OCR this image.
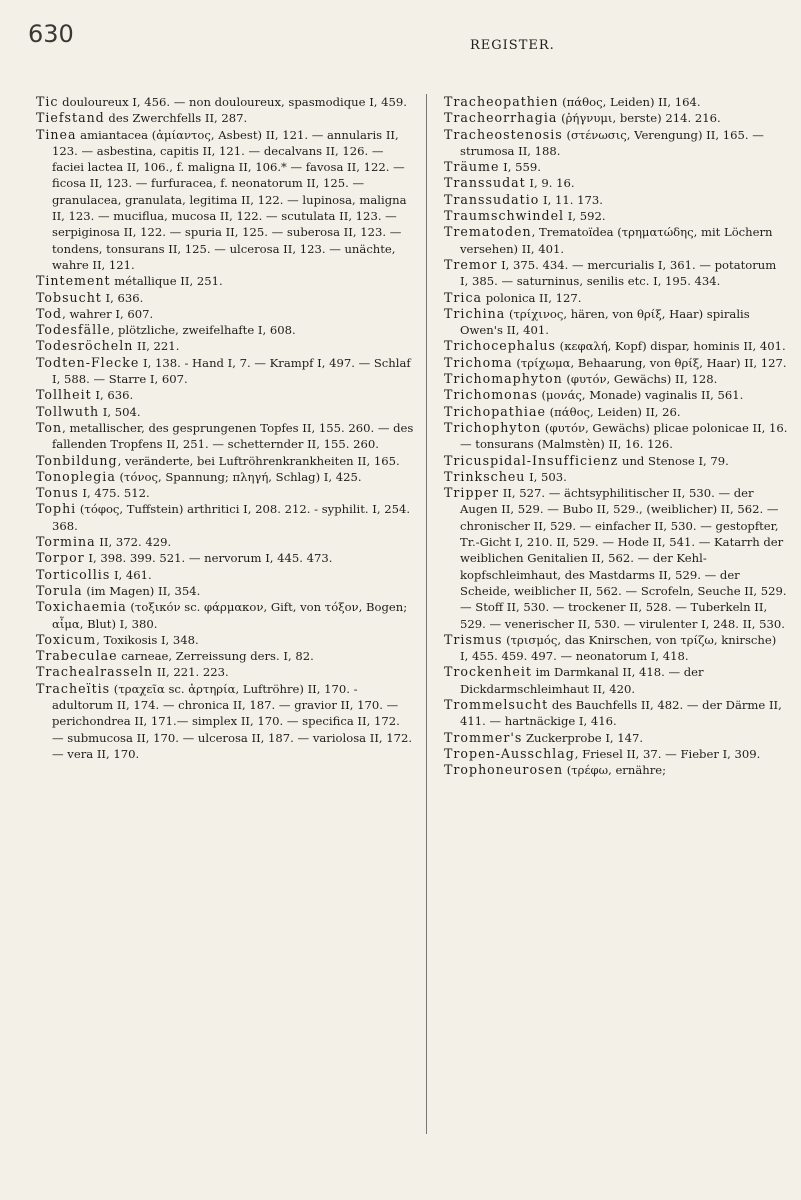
630	REGISTER.
Tic douloureux I, 456. — non douloureux, spasmodique I, 459.
Tiefstand des Zwerchfells II, 287.
Tinea amiantacea (ἀμίαντος, Asbest) II, 121. — annularis II, 123. — asbestina, capitis II, 121. — decalvans II, 126. — faciei lactea II, 106., f. maligna II, 106.* — favosa II, 122. — ficosa II, 123. — furfuracea, f. neonatorum II, 125. — granulacea, granulata, legitima II, 122. — lupinosa, maligna II, 123. — muciflua, mucosa II, 122. — scutulata II, 123. — serpiginosa II, 122. — spuria II, 125. — suberosa II, 123. — tondens, tonsurans II, 125. — ulcerosa II, 123. — unächte, wahre II, 121.
Tintement métallique II, 251.
Tobsucht I, 636.
Tod, wahrer I, 607.
Todesfälle, plötzliche, zweifelhafte I, 608.
Todesröcheln II, 221.
Todten-Flecke I, 138. - Hand I, 7. — Krampf I, 497. — Schlaf I, 588. — Starre I, 607.
Tollheit I, 636.
Tollwuth I, 504.
Ton, metallischer, des gesprungenen Topfes II, 155. 260. — des fallenden Tropfens II, 251. — schetternder II, 155. 260.
Tonbildung, veränderte, bei Luftröhrenkrankheiten II, 165.
Tonoplegia (τόνος, Spannung; πληγή, Schlag) I, 425.
Tonus I, 475. 512.
Tophi (τόφος, Tuffstein) arthritici I, 208. 212. - syphilit. I, 254. 368.
Tormina II, 372. 429.
Torpor I, 398. 399. 521. — nervorum I, 445. 473.
Torticollis I, 461.
Torula (im Magen) II, 354.
Toxichaemia (τοξικόν sc. φάρμακον, Gift, von τόξον, Bogen; αἷμα, Blut) I, 380.
Toxicum, Toxikosis I, 348.
Trabeculae carneae, Zerreissung ders. I, 82.
Trachealrasseln II, 221. 223.
Tracheïtis (τραχεῖα sc. ἀρτηρία, Luftröhre) II, 170. - adultorum II, 174. — chronica II, 187. — gravior II, 170. — perichondrea II, 171.— simplex II, 170. — specifica II, 172. — submucosa II, 170. — ulcerosa II, 187. — variolosa II, 172. — vera II, 170.
Tracheopathien (πάθος, Leiden) II, 164.
Tracheorrhagia (ῥήγνυμι, berste) 214. 216.
Tracheostenosis (στένωσις, Verengung) II, 165. — strumosa II, 188.
Träume I, 559.
Transsudat I, 9. 16.
Transsudatio I, 11. 173.
Traumschwindel I, 592.
Trematoden, Trematoïdea (τρηματώδης, mit Löchern versehen) II, 401.
Tremor I, 375. 434. — mercurialis I, 361. — potatorum I, 385. — saturninus, senilis etc. I, 195. 434.
Trica polonica II, 127.
Trichina (τρίχινος, hären, von θρίξ, Haar) spiralis Owen's II, 401.
Trichocephalus (κεφαλή, Kopf) dispar, hominis II, 401.
Trichoma (τρίχωμα, Behaarung, von θρίξ, Haar) II, 127.
Trichomaphyton (φυτόν, Gewächs) II, 128.
Trichomonas (μονάς, Monade) vaginalis II, 561.
Trichopathiae (πάθος, Leiden) II, 26.
Trichophyton (φυτόν, Gewächs) plicae polonicae II, 16. — tonsurans (Malmstèn) II, 16. 126.
Tricuspidal-Insufficienz und Stenose I, 79.
Trinkscheu I, 503.
Tripper II, 527. — ächtsyphilitischer II, 530. — der Augen II, 529. — Bubo II, 529., (weiblicher) II, 562. — chronischer II, 529. — einfacher II, 530. — gestopfter, Tr.-Gicht I, 210. II, 529. — Hode II, 541. — Katarrh der weiblichen Genitalien II, 562. — der Kehlkopfschleimhaut, des Mastdarms II, 529. — der Scheide, weiblicher II, 562. — Scrofeln, Seuche II, 529. — Stoff II, 530. — trockener II, 528. — Tuberkeln II, 529. — venerischer II, 530. — virulenter I, 248. II, 530.
Trismus (τρισμός, das Knirschen, von τρίζω, knirsche) I, 455. 459. 497. — neonatorum I, 418.
Trockenheit im Darmkanal II, 418. — der Dickdarmschleimhaut II, 420.
Trommelsucht des Bauchfells II, 482. — der Därme II, 411. — hartnäckige I, 416.
Trommer's Zuckerprobe I, 147.
Tropen-Ausschlag, Friesel II, 37. — Fieber I, 309.
Trophoneurosen (τρέφω, ernähre;
